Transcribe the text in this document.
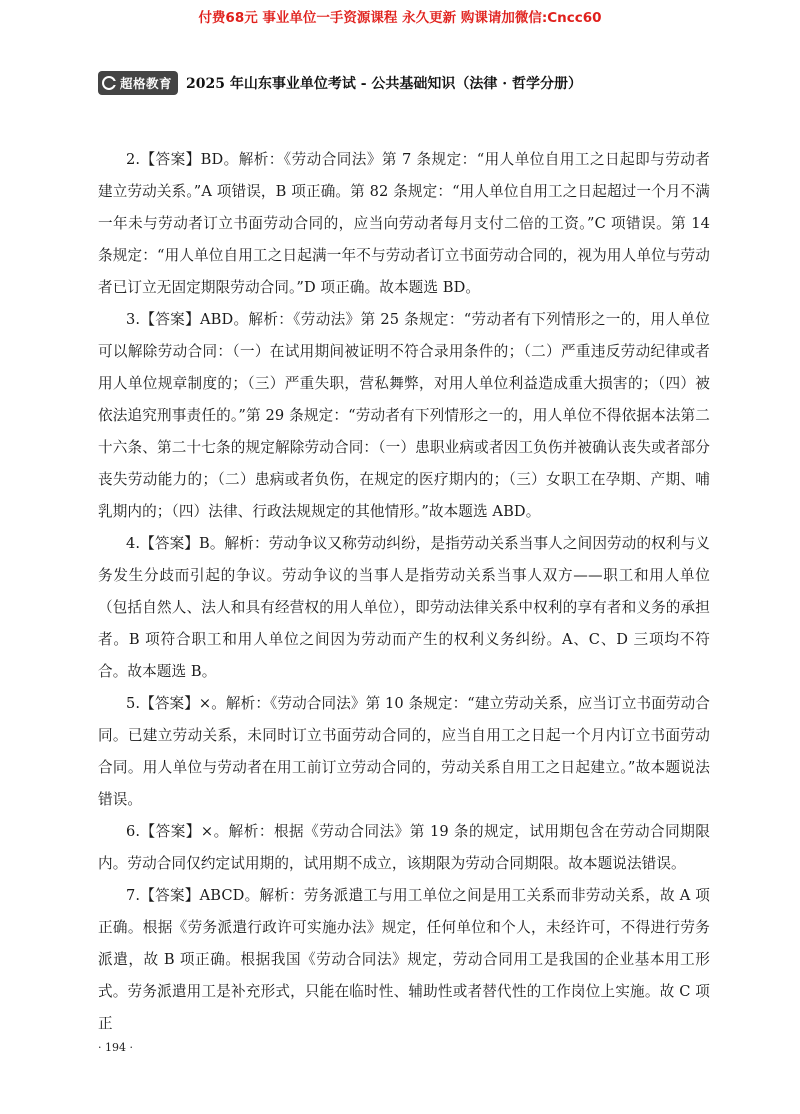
付费68元 事业单位一手资源课程 永久更新 购课请加微信:Cncc60
超格教育 2025 年山东事业单位考试 - 公共基础知识（法律 · 哲学分册）

2.【答案】BD。解析：《劳动合同法》第 7 条规定：“用人单位自用工之日起即与劳动者建立劳动关系。”A 项错误，B 项正确。第 82 条规定：“用人单位自用工之日起超过一个月不满一年未与劳动者订立书面劳动合同的，应当向劳动者每月支付二倍的工资。”C 项错误。第 14 条规定：“用人单位自用工之日起满一年不与劳动者订立书面劳动合同的，视为用人单位与劳动者已订立无固定期限劳动合同。”D 项正确。故本题选 BD。

3.【答案】ABD。解析：《劳动法》第 25 条规定：“劳动者有下列情形之一的，用人单位可以解除劳动合同：（一）在试用期间被证明不符合录用条件的；（二）严重违反劳动纪律或者用人单位规章制度的；（三）严重失职，营私舞弊，对用人单位利益造成重大损害的；（四）被依法追究刑事责任的。”第 29 条规定：“劳动者有下列情形之一的，用人单位不得依据本法第二十六条、第二十七条的规定解除劳动合同：（一）患职业病或者因工负伤并被确认丧失或者部分丧失劳动能力的；（二）患病或者负伤，在规定的医疗期内的；（三）女职工在孕期、产期、哺乳期内的；（四）法律、行政法规规定的其他情形。”故本题选 ABD。

4.【答案】B。解析：劳动争议又称劳动纠纷，是指劳动关系当事人之间因劳动的权利与义务发生分歧而引起的争议。劳动争议的当事人是指劳动关系当事人双方——职工和用人单位（包括自然人、法人和具有经营权的用人单位），即劳动法律关系中权利的享有者和义务的承担者。B 项符合职工和用人单位之间因为劳动而产生的权利义务纠纷。A、C、D 三项均不符合。故本题选 B。

5.【答案】×。解析：《劳动合同法》第 10 条规定：“建立劳动关系，应当订立书面劳动合同。已建立劳动关系，未同时订立书面劳动合同的，应当自用工之日起一个月内订立书面劳动合同。用人单位与劳动者在用工前订立劳动合同的，劳动关系自用工之日起建立。”故本题说法错误。

6.【答案】×。解析：根据《劳动合同法》第 19 条的规定，试用期包含在劳动合同期限内。劳动合同仅约定试用期的，试用期不成立，该期限为劳动合同期限。故本题说法错误。

7.【答案】ABCD。解析：劳务派遣工与用工单位之间是用工关系而非劳动关系，故 A 项正确。根据《劳务派遣行政许可实施办法》规定，任何单位和个人，未经许可，不得进行劳务派遣，故 B 项正确。根据我国《劳动合同法》规定，劳动合同用工是我国的企业基本用工形式。劳务派遣用工是补充形式，只能在临时性、辅助性或者替代性的工作岗位上实施。故 C 项正

· 194 ·
